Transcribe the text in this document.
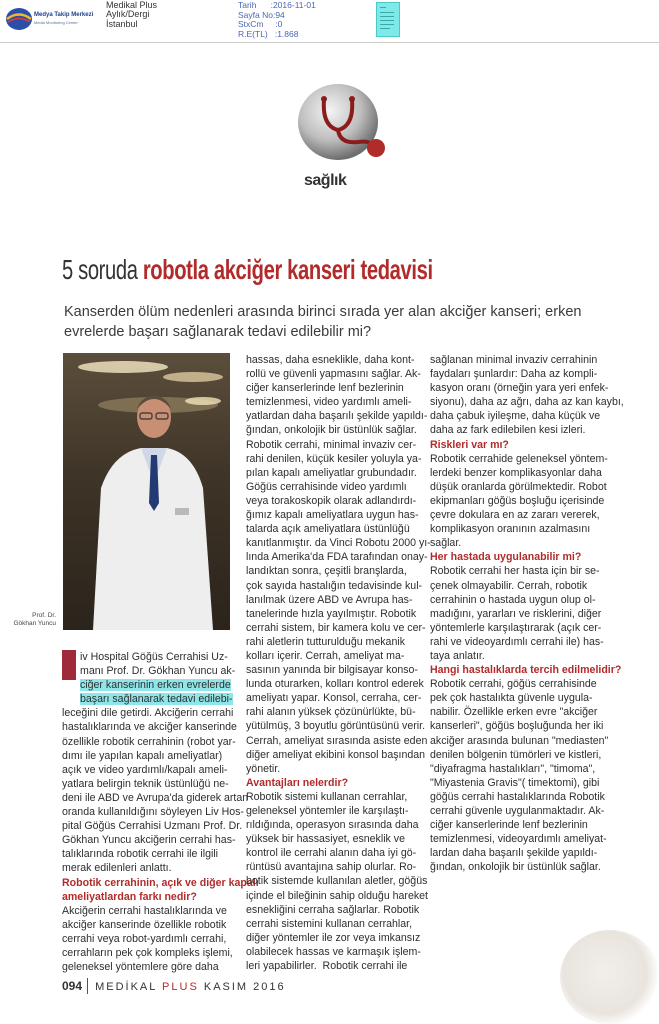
Medya Takip Merkezi
Media Monitoring Center
Medikal Plus
Aylık/Dergi
İstanbul
Tarih      :2016-11-01
Sayfa No:94
StxCm     :0
R.E(TL)   :1.868
sağlık
5 soruda robotla akciğer kanseri tedavisi
Kanserden ölüm nedenleri arasında birinci sırada yer alan akciğer kanseri; erken evrelerde başarı sağlanarak tedavi edilebilir mi?
Prof. Dr.
Gökhan Yuncu

iv Hospital Göğüs Cerrahisi Uz-

manı Prof. Dr. Gökhan Yuncu ak-

ciğer kanserinin erken evrelerde

başarı sağlanarak tedavi edilebi-

leceğini dile getirdi. Akciğerin cerrahi
hastalıklarında ve akciğer kanserinde
özellikle robotik cerrahinin (robot yar-
dımı ile yapılan kapalı ameliyatlar)
açık ve video yardımlı/kapalı ameli-
yatlara belirgin teknik üstünlüğü ne-
deni ile ABD ve Avrupa'da giderek artan
oranda kullanıldığını söyleyen Liv Hos-
pital Göğüs Cerrahisi Uzmanı Prof. Dr.
Gökhan Yuncu akciğerin cerrahi has-
talıklarında robotik cerrahi ile ilgili
merak edilenleri anlattı.

Robotik cerrahinin, açık ve diğer kapalı
ameliyatlardan farkı nedir?

Akciğerin cerrahi hastalıklarında ve
akciğer kanserinde özellikle robotik
cerrahi veya robot-yardımlı cerrahi,
cerrahların pek çok kompleks işlemi,
geleneksel yöntemlere göre daha

hassas, daha esneklikle, daha kont-
rollü ve güvenli yapmasını sağlar. Ak-
ciğer kanserlerinde lenf bezlerinin
temizlenmesi, video yardımlı ameli-
yatlardan daha başarılı şekilde yapıldı-
ğından, onkolojik bir üstünlük sağlar.
Robotik cerrahi, minimal invaziv cer-
rahi denilen, küçük kesiler yoluyla ya-
pılan kapalı ameliyatlar grubundadır.
Göğüs cerrahisinde video yardımlı
veya torakoskopik olarak adlandırdı-
ğımız kapalı ameliyatlara uygun has-
talarda açık ameliyatlara üstünlüğü
kanıtlanmıştır. da Vinci Robotu 2000 yı-
lında Amerika'da FDA tarafından onay-
landıktan sonra, çeşitli branşlarda,
çok sayıda hastalığın tedavisinde kul-
lanılmak üzere ABD ve Avrupa has-
tanelerinde hızla yayılmıştır. Robotik
cerrahi sistem, bir kamera kolu ve cer-
rahi aletlerin tutturulduğu mekanik
kolları içerir. Cerrah, ameliyat ma-
sasının yanında bir bilgisayar konso-
lunda oturarken, kolları kontrol ederek
ameliyatı yapar. Konsol, cerraha, cer-
rahi alanın yüksek çözünürlükte, bü-
yütülmüş, 3 boyutlu görüntüsünü verir.
Cerrah, ameliyat sırasında asiste eden
diğer ameliyat ekibini konsol başından
yönetir.

Avantajları nelerdir?

Robotik sistemi kullanan cerrahlar,
geleneksel yöntemler ile karşılaştı-
rıldığında, operasyon sırasında daha
yüksek bir hassasiyet, esneklik ve
kontrol ile cerrahi alanın daha iyi gö-
rüntüsü avantajına sahip olurlar. Ro-
botik sistemde kullanılan aletler, göğüs
içinde el bileğinin sahip olduğu hareket
esnekliğini cerraha sağlarlar. Robotik
cerrahi sistemini kullanan cerrahlar,
diğer yöntemler ile zor veya imkansız
olabilecek hassas ve karmaşık işlem-
leri yapabilirler.  Robotik cerrahi ile

sağlanan minimal invaziv cerrahinin
faydaları şunlardır: Daha az kompli-
kasyon oranı (örneğin yara yeri enfek-
siyonu), daha az ağrı, daha az kan kaybı,
daha çabuk iyileşme, daha küçük ve
daha az fark edilebilen kesi izleri.

Riskleri var mı?

Robotik cerrahide geleneksel yöntem-
lerdeki benzer komplikasyonlar daha
düşük oranlarda görülmektedir. Robot
ekipmanları göğüs boşluğu içerisinde
çevre dokulara en az zararı vererek,
komplikasyon oranının azalmasını
sağlar.

Her hastada uygulanabilir mi?

Robotik cerrahi her hasta için bir se-
çenek olmayabilir. Cerrah, robotik
cerrahinin o hastada uygun olup ol-
madığını, yararları ve risklerini, diğer
yöntemlerle karşılaştırarak (açık cer-
rahi ve videoyardımlı cerrahi ile) has-
taya anlatır.

Hangi hastalıklarda tercih edilmelidir?

Robotik cerrahi, göğüs cerrahisinde
pek çok hastalıkta güvenle uygula-
nabilir. Özellikle erken evre "akciğer
kanserleri", göğüs boşluğunda her iki
akciğer arasında bulunan "mediasten"
denilen bölgenin tümörleri ve kistleri,
"diyafragma hastalıkları", "timoma",
"Miyastenia Gravis"( timektomi), gibi
göğüs cerrahi hastalıklarında Robotik
cerrahi güvenle uygulanmaktadır. Ak-
ciğer kanserlerinde lenf bezlerinin
temizlenmesi, videoyardımlı ameliyat-
lardan daha başarılı şekilde yapıldı-
ğından, onkolojik bir üstünlük sağlar.

094 MEDİKAL PLUS KASIM 2016
